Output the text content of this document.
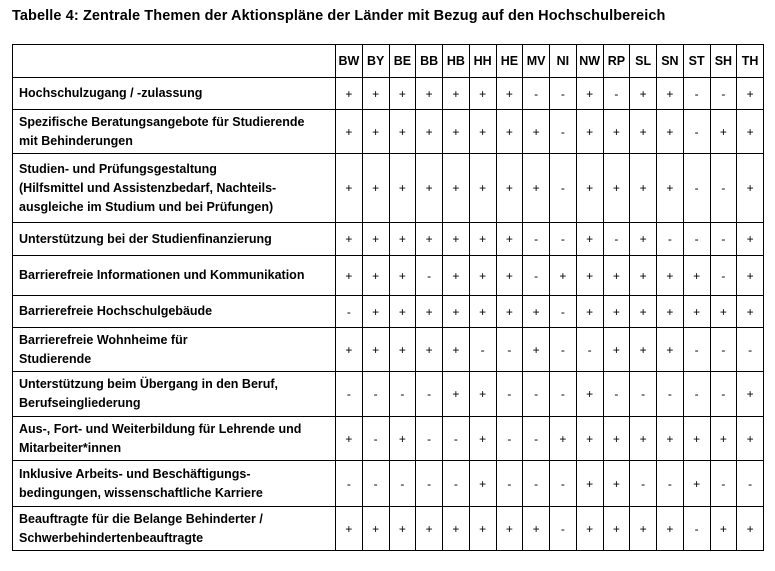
Tabelle 4: Zentrale Themen der Aktionspläne der Länder mit Bezug auf den Hochschulbereich
	BW	BY	BE	BB	HB	HH	HE	MV	NI	NW	RP	SL	SN	ST	SH	TH

Hochschulzugang / -zulassung	+	+	+	+	+	+	+	-	-	+	-	+	+	-	-	+

Spezifische Beratungsangebote für Studierende
mit Behinderungen	+	+	+	+	+	+	+	+	-	+	+	+	+	-	+	+

Studien- und Prüfungsgestaltung
(Hilfsmittel und Assistenzbedarf, Nachteils-
ausgleiche im Studium und bei Prüfungen)	+	+	+	+	+	+	+	+	-	+	+	+	+	-	-	+

Unterstützung bei der Studienfinanzierung	+	+	+	+	+	+	+	-	-	+	-	+	-	-	-	+

Barrierefreie Informationen und Kommunikation	+	+	+	-	+	+	+	-	+	+	+	+	+	+	-	+

Barrierefreie Hochschulgebäude	-	+	+	+	+	+	+	+	-	+	+	+	+	+	+	+

Barrierefreie Wohnheime für
Studierende	+	+	+	+	+	-	-	+	-	-	+	+	+	-	-	-

Unterstützung beim Übergang in den Beruf,
Berufseingliederung	-	-	-	-	+	+	-	-	-	+	-	-	-	-	-	+

Aus-, Fort- und Weiterbildung für Lehrende und
Mitarbeiter*innen	+	-	+	-	-	+	-	-	+	+	+	+	+	+	+	+

Inklusive Arbeits- und Beschäftigungs-
bedingungen, wissenschaftliche Karriere	-	-	-	-	-	+	-	-	-	+	+	-	-	+	-	-

Beauftragte für die Belange Behinderter /
Schwerbehindertenbeauftragte	+	+	+	+	+	+	+	+	-	+	+	+	+	-	+	+
